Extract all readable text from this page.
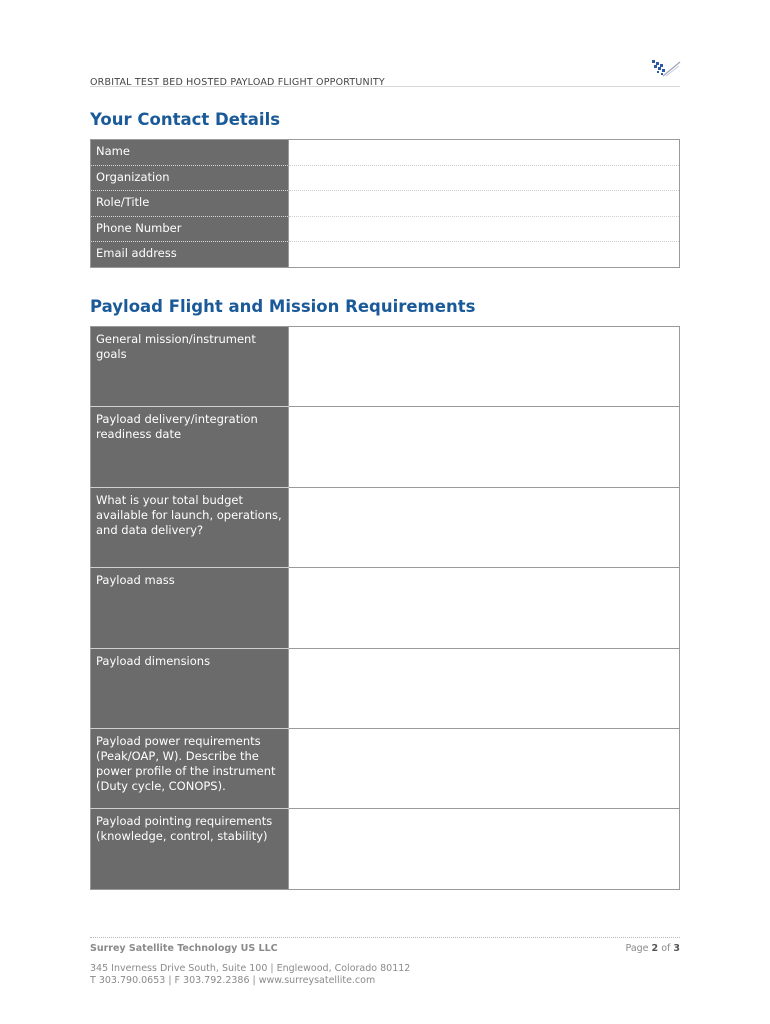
ORBITAL TEST BED HOSTED PAYLOAD FLIGHT OPPORTUNITY
Your Contact Details
Name	
Organization	
Role/Title	
Phone Number	
Email address	
Payload Flight and Mission Requirements
General mission/instrument goals	
Payload delivery/integration readiness date	
What is your total budget available for launch, operations, and data delivery?	
Payload mass	
Payload dimensions	
Payload power requirements (Peak/OAP, W). Describe the power profile of the instrument (Duty cycle, CONOPS).	
Payload pointing requirements (knowledge, control, stability)	
Surrey Satellite Technology US LLC	Page 2 of 3
345 Inverness Drive South, Suite 100 | Englewood, Colorado 80112
T 303.790.0653 | F 303.792.2386 | www.surreysatellite.com
